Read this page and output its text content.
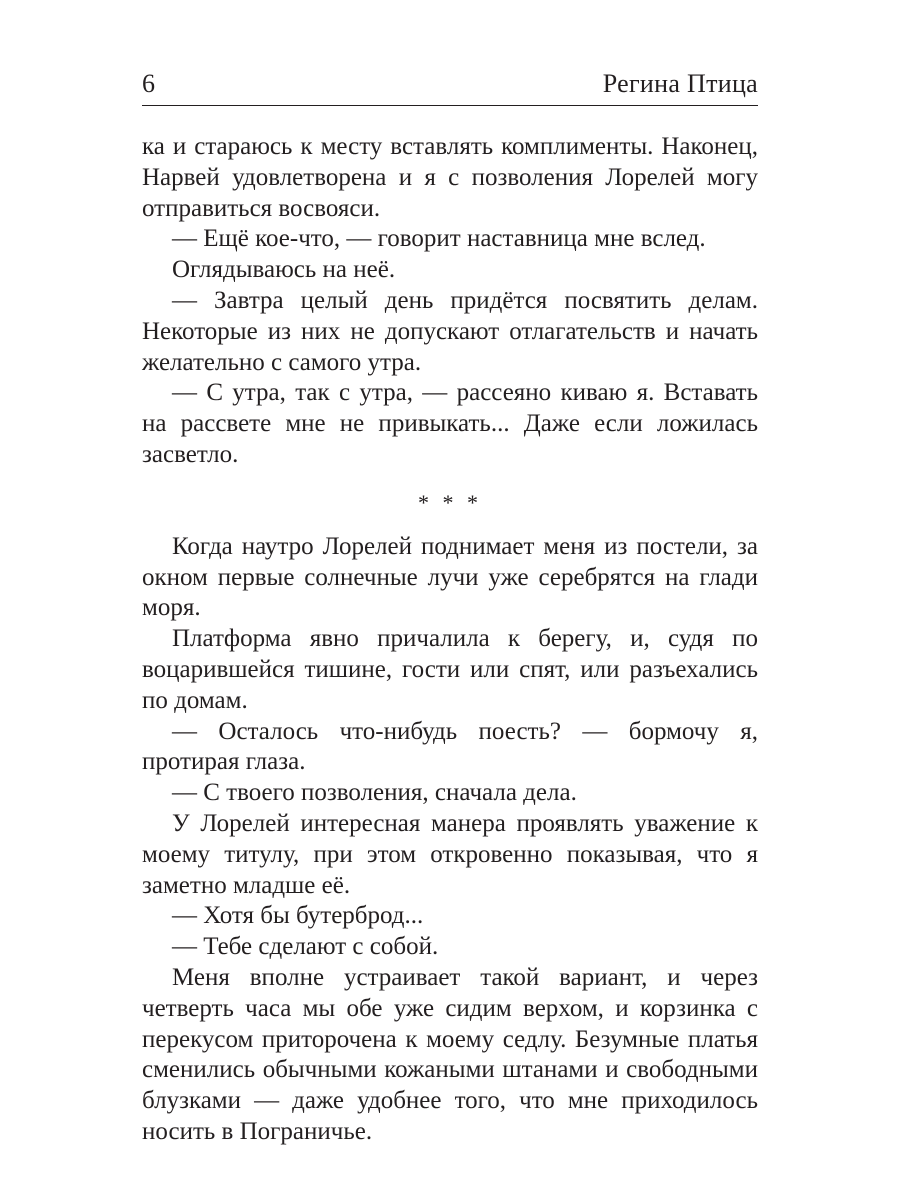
6	Регина Птица

ка и стараюсь к месту вставлять комплименты. Наконец, Нарвей удовлетворена и я с позволения Лорелей могу отправиться восвояси.

— Ещё кое-что, — говорит наставница мне вслед.

Оглядываюсь на неё.

— Завтра целый день придётся посвятить делам. Некоторые из них не допускают отлагательств и начать желательно с самого утра.

— С утра, так с утра, — рассеяно киваю я. Вставать на рассвете мне не привыкать... Даже если ложилась засветло.

* * *

Когда наутро Лорелей поднимает меня из постели, за окном первые солнечные лучи уже серебрятся на глади моря.

Платформа явно причалила к берегу, и, судя по воцарившейся тишине, гости или спят, или разъехались по домам.

— Осталось что-нибудь поесть? — бормочу я, протирая глаза.

— С твоего позволения, сначала дела.

У Лорелей интересная манера проявлять уважение к моему титулу, при этом откровенно показывая, что я заметно младше её.

— Хотя бы бутерброд...

— Тебе сделают с собой.

Меня вполне устраивает такой вариант, и через четверть часа мы обе уже сидим верхом, и корзинка с перекусом приторочена к моему седлу. Безумные платья сменились обычными кожаными штанами и свободными блузками — даже удобнее того, что мне приходилось носить в Пограничье.
